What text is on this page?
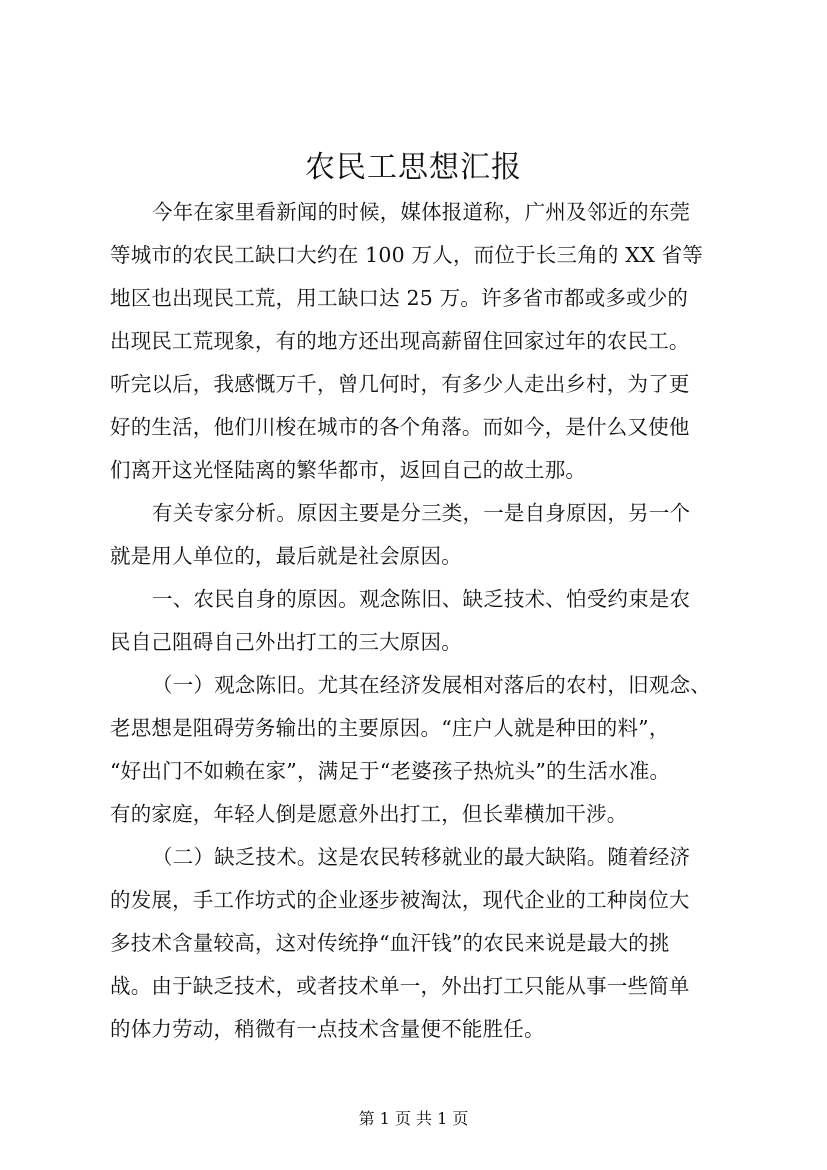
农民工思想汇报
今年在家里看新闻的时候，媒体报道称，广州及邻近的东莞
等城市的农民工缺口大约在 100 万人，而位于长三角的 XX 省等
地区也出现民工荒，用工缺口达 25 万。许多省市都或多或少的
出现民工荒现象，有的地方还出现高薪留住回家过年的农民工。
听完以后，我感慨万千，曾几何时，有多少人走出乡村，为了更
好的生活，他们川梭在城市的各个角落。而如今，是什么又使他
们离开这光怪陆离的繁华都市，返回自己的故土那。
有关专家分析。原因主要是分三类，一是自身原因，另一个
就是用人单位的，最后就是社会原因。
一、农民自身的原因。观念陈旧、缺乏技术、怕受约束是农
民自己阻碍自己外出打工的三大原因。
（一）观念陈旧。尤其在经济发展相对落后的农村，旧观念、
老思想是阻碍劳务输出的主要原因。“庄户人就是种田的料”，
“好出门不如赖在家”，满足于“老婆孩子热炕头”的生活水准。
有的家庭，年轻人倒是愿意外出打工，但长辈横加干涉。
（二）缺乏技术。这是农民转移就业的最大缺陷。随着经济
的发展，手工作坊式的企业逐步被淘汰，现代企业的工种岗位大
多技术含量较高，这对传统挣“血汗钱”的农民来说是最大的挑
战。由于缺乏技术，或者技术单一，外出打工只能从事一些简单
的体力劳动，稍微有一点技术含量便不能胜任。
第 1 页 共 1 页
